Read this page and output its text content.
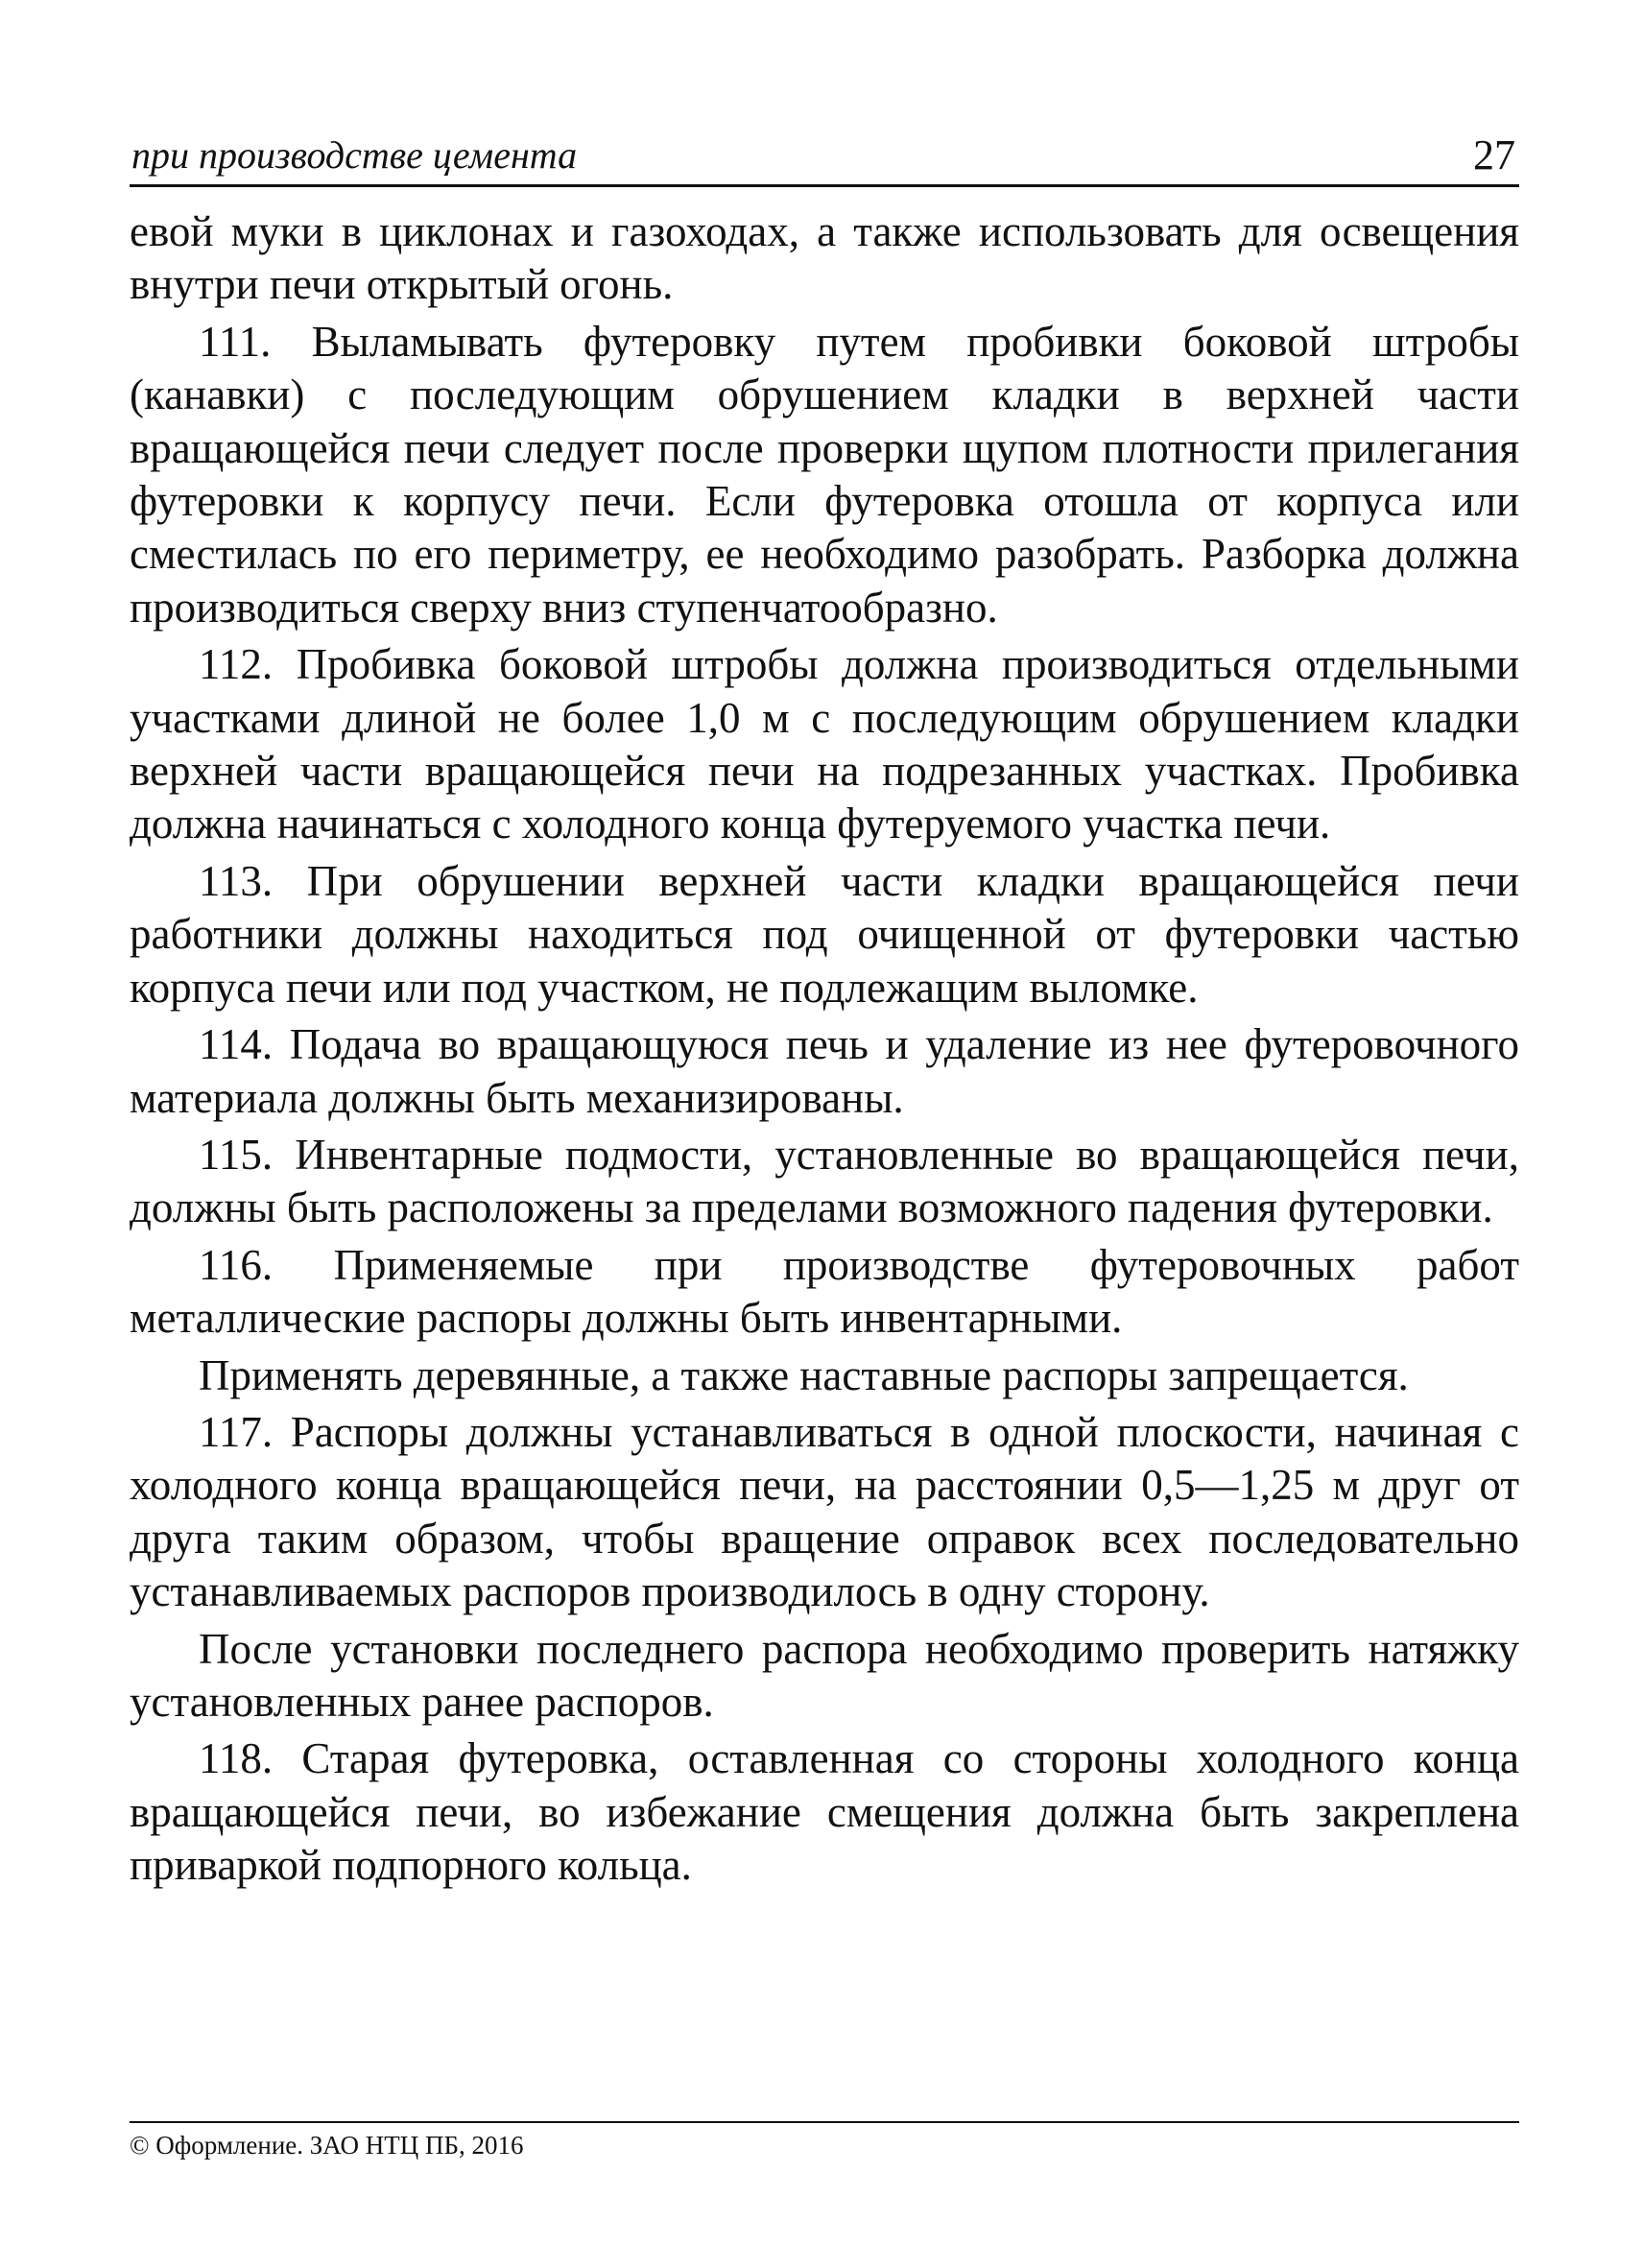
при производстве цемента	27

евой муки в циклонах и газоходах, а также использовать для освещения внутри печи открытый огонь.

111. Выламывать футеровку путем пробивки боковой штробы (канавки) с последующим обрушением кладки в верхней части вращающейся печи следует после проверки щупом плотности прилегания футеровки к корпусу печи. Если футеровка отошла от корпуса или сместилась по его периметру, ее необходимо разобрать. Разборка должна производиться сверху вниз ступенчатообразно.

112. Пробивка боковой штробы должна производиться отдельными участками длиной не более 1,0 м с последующим обрушением кладки верхней части вращающейся печи на подрезанных участках. Пробивка должна начинаться с холодного конца футеруемого участка печи.

113. При обрушении верхней части кладки вращающейся печи работники должны находиться под очищенной от футеровки частью корпуса печи или под участком, не подлежащим выломке.

114. Подача во вращающуюся печь и удаление из нее футеровочного материала должны быть механизированы.

115. Инвентарные подмости, установленные во вращающейся печи, должны быть расположены за пределами возможного падения футеровки.

116. Применяемые при производстве футеровочных работ металлические распоры должны быть инвентарными.

Применять деревянные, а также наставные распоры запрещается.

117. Распоры должны устанавливаться в одной плоскости, начиная с холодного конца вращающейся печи, на расстоянии 0,5—1,25 м друг от друга таким образом, чтобы вращение оправок всех последовательно устанавливаемых распоров производилось в одну сторону.

После установки последнего распора необходимо проверить натяжку установленных ранее распоров.

118. Старая футеровка, оставленная со стороны холодного конца вращающейся печи, во избежание смещения должна быть закреплена приваркой подпорного кольца.

© Оформление. ЗАО НТЦ ПБ, 2016
